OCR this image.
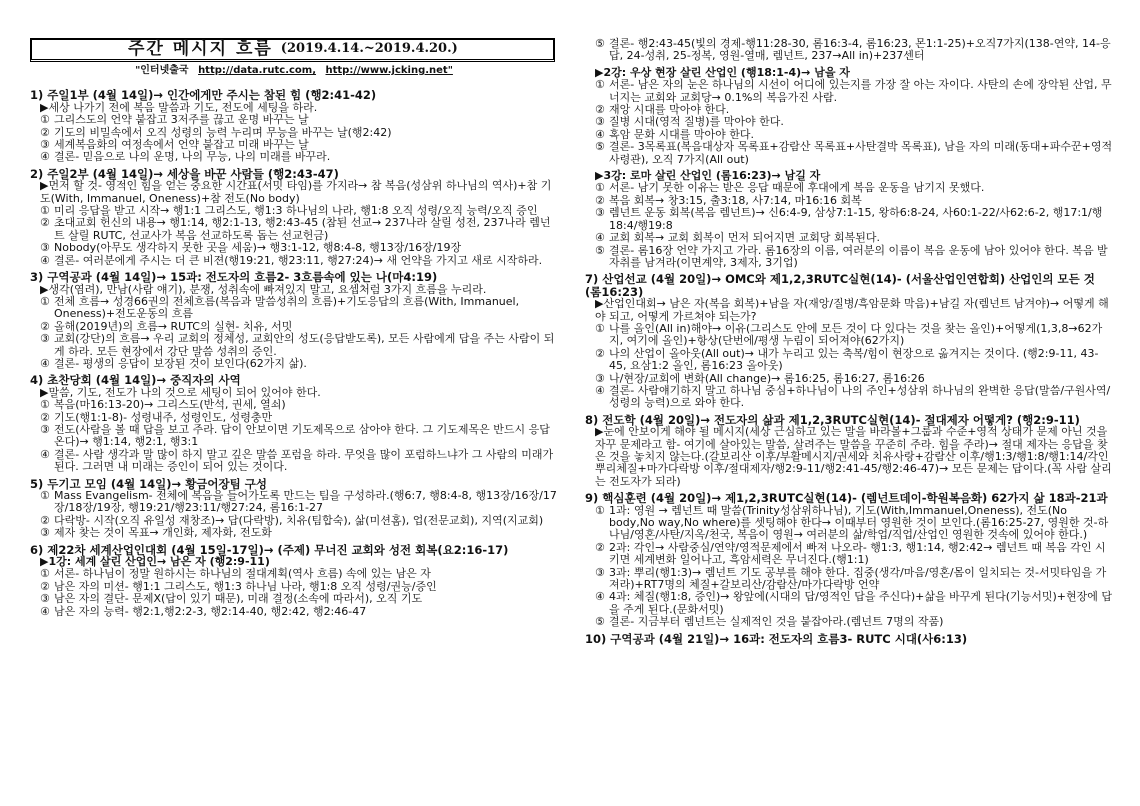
주간 메시지 흐름 (2019.4.14.~2019.4.20.)
"인터넷출국 http://data.rutc.com, http://www.jcking.net"
1) 주일1부 (4월 14일)→ 인간에게만 주시는 참된 힘 (행2:41-42)
▶세상 나가기 전에 복음 말씀과 기도, 전도에 세팅을 하라.
① 그리스도의 언약 붙잡고 3저주를 끊고 운명 바꾸는 날
② 기도의 비밀속에서 오직 성령의 능력 누리며 무능을 바꾸는 날(행2:42)
③ 세계복음화의 여정속에서 언약 붙잡고 미래 바꾸는 날
④ 결론- 믿음으로 나의 운명, 나의 무능, 나의 미래를 바꾸라.
2) 주일2부 (4월 14일)→ 세상을 바꾼 사람들 (행2:43-47)
▶먼저 할 것- 영적인 힘을 얻는 중요한 시간표(서밋 타임)를 가지라→ 참 복음(성삼위 하나님의 역사)+참 기도(With, Immanuel, Oneness)+참 전도(No body)
① 미리 응답을 받고 시작→ 행1:1 그리스도, 행1:3 하나님의 나라, 행1:8 오직 성령/오직 능력/오직 증인
② 초대교회 헌신의 내용→ 행1:14, 행2:1-13, 행2:43-45 (참된 선교→ 237나라 살릴 성전, 237나라 렘넌트 살릴 RUTC, 선교사가 복음 선교하도록 돕는 선교헌금)
③ Nobody(아무도 생각하지 못한 곳을 세움)→ 행3:1-12, 행8:4-8, 행13장/16장/19장
④ 결론- 여러분에게 주시는 더 큰 비젼(행19:21, 행23:11, 행27:24)→ 새 언약을 가지고 새로 시작하라.
3) 구역공과 (4월 14일)→ 15과: 전도자의 흐름2- 3흐름속에 있는 나(마4:19)
▶생각(염려), 만남(사람 얘기), 분쟁, 성취속에 빠져있지 말고, 요셉처럼 3가지 흐름을 누리라.
① 전체 흐름→ 성경66권의 전체흐름(복음과 말씀성취의 흐름)+기도응답의 흐름(With, Immanuel, Oneness)+전도운동의 흐름
② 올해(2019년)의 흐름→ RUTC의 실현- 치유, 서밋
③ 교회(강단)의 흐름→ 우리 교회의 정체성, 교회안의 성도(응답받도록), 모든 사람에게 답을 주는 사람이 되게 하라. 모든 현장에서 강단 말씀 성취의 증인.
④ 결론- 평생의 응답이 보장된 것이 보인다(62가지 삶).
4) 초찬당회 (4월 14일)→ 중직자의 사역
▶말씀, 기도, 전도가 나의 것으로 세팅이 되어 있어야 한다.
① 복음(마16:13-20)→ 그리스도(반석, 권세, 열쇠)
② 기도(행1:1-8)- 성령내주, 성령인도, 성령충만
③ 전도(사람을 볼 때 답을 보고 주라. 답이 안보이면 기도제목으로 삼아야 한다. 그 기도제목은 반드시 응답온다)→ 행1:14, 행2:1, 행3:1
④ 결론- 사람 생각과 말 많이 하지 말고 깊은 말씀 포럼을 하라. 무엇을 많이 포럼하느냐가 그 사람의 미래가 된다. 그러면 내 미래는 증인이 되어 있는 것이다.
5) 두기고 모임 (4월 14일)→ 황금어장팀 구성
① Mass Evangelism- 전체에 복음을 들어가도록 만드는 팀을 구성하라.(행6:7, 행8:4-8, 행13장/16장/17장/18장/19장, 행19:21/행23:11/행27:24, 롬16:1-27
② 다락방- 시작(오직 유일성 재창조)→ 답(다락방), 치유(팀합숙), 삶(미션홈), 업(전문교회), 지역(지교회)
③ 제자 찾는 것이 목표→ 개인화, 제자화, 전도화
6) 제22차 세계산업인대회 (4월 15일-17일)→ (주제) 무너진 교회와 성전 회복(요2:16-17)
▶1강: 세계 살린 산업인→ 남은 자 (행2:9-11)
① 서론- 하나님이 정말 원하시는 하나님의 절대계획(역사 흐름) 속에 있는 남은 자
② 남은 자의 미션- 행1:1 그리스도, 행1:3 하나님 나라, 행1:8 오직 성령/권능/증인
③ 남은 자의 결단- 문제X(답이 있기 때문), 미래 결정(소속에 따라서), 오직 기도
④ 남은 자의 능력- 행2:1,행2:2-3, 행2:14-40, 행2:42, 행2:46-47
⑤ 결론- 행2:43-45(빛의 경제-행11:28-30, 롬16:3-4, 롬16:23, 몬1:1-25)+오직7가지(138-연약, 14-응답, 24-성취, 25-정복, 영원-열매, 렘넌트, 237→All in)+237센터
▶2강: 우상 현장 살린 산업인 (행18:1-4)→ 남을 자
① 서론- 남은 자의 눈은 하나님의 시선이 어디에 있는지를 가장 잘 아는 자이다. 사탄의 손에 장악된 산업, 무너지는 교회와 교회당→ 0.1%의 복음가진 사람.
② 재앙 시대를 막아야 한다.
③ 질병 시대(영적 질병)를 막아야 한다.
④ 혹암 문화 시대를 막아야 한다.
⑤ 결론- 3목록표(복음대상자 목록표+감람산 목록표+사탄결박 목록표), 남을 자의 미래(동대+파수꾼+영적사령관), 오직 7가지(All out)
▶3강: 로마 살린 산업인 (롬16:23)→ 남길 자
① 서론- 남기 못한 이유는 받은 응답 때문에 후대에게 복음 운동을 남기지 못했다.
② 복음 회복→ 창3:15, 출3:18, 사7:14, 마16:16 회복
③ 렘넌트 운동 회복(복음 렘넌트)→ 신6:4-9, 삼상7:1-15, 왕하6:8-24, 사60:1-22/사62:6-2, 행17:1/행18:4/행19:8
④ 교회 회복→ 교회 회복이 먼저 되어지면 교회당 회복된다.
⑤ 결론- 롬16장 언약 가지고 가라. 롬16장의 이름, 여러분의 이름이 복음 운동에 남아 있어야 한다. 복음 발자취를 남겨라(이면계약, 3제자, 3기업)
7) 산업선교 (4월 20일)→ OMC와 제1,2,3RUTC실현(14)- (서울산업인연합회) 산업인의 모든 것 (롬16:23)
▶산업인대회→ 남은 자(복음 회복)+남을 자(재앙/질병/흑암문화 막음)+남길 자(렘넌트 남겨야)→ 어떻게 해야 되고, 어떻게 가르쳐야 되는가?
① 나를 올인(All in)해야→ 이유(그리스도 안에 모든 것이 다 있다는 것을 찾는 올인)+어떻게(1,3,8→62가지, 여기에 올인)+항상(단번에/평생 누림이 되어져야(62가지)
② 나의 산업이 올아웃(All out)→ 내가 누리고 있는 축복/힘이 현장으로 옮겨지는 것이다. (행2:9-11, 43-45, 요삼1:2 올인, 롬16:23 올아웃)
③ 나/현장/교회에 변화(All change)→ 롬16:25, 롬16:27, 롬16:26
④ 결론- 사람얘기하지 말고 하나님 중심+하나님이 나의 주인+성삼위 하나님의 완벽한 응답(말씀/구원사역/성령의 능력)으로 와야 한다.
8) 전도학 (4월 20일)→ 전도자의 삶과 제1,2,3RUTC실현(14)- 절대제자 어떻게? (행2:9-11)
▶눈에 안보이게 해야 될 메시지(세상 근심하고 있는 말을 바라볼+그룹과 수준+영적 상태가 문제 아닌 것을 자꾸 문제라고 함- 여기에 살아있는 말씀, 살려주는 말씀을 꾸준히 주라. 힘을 주라)→ 절대 제자는 응답을 찾은 것을 놓치지 않는다.(갈보리산 이후/부활메시지/권세와 치유사랑+감람산 이후/행1:3/행1:8/행1:14/각인뿌리체질+마가다락방 이후/절대제자/행2:9-11/행2:41-45/행2:46-47)→ 모든 문제는 답이다.(꼭 사람 살리는 전도자가 되라)
9) 핵심훈련 (4월 20일)→ 제1,2,3RUTC실현(14)- (렘넌트데이-학원복음화) 62가지 삶 18과-21과
① 1과: 영원 → 렘넌트 때 말씀(Trinity성삼위하나님), 기도(With,Immanuel,Oneness), 전도(No body,No way,No where)를 셋팅해야 한다→ 이때부터 영원한 것이 보인다.(롬16:25-27, 영원한 것-하나님/영혼/사탄/지옥/천국, 복음이 영원→ 여러분의 삶/학업/직업/산업인 영원한 것속에 있어야 한다.)
② 2과: 각인→ 사람중심/연약/영적문제에서 빠져 나오라- 행1:3, 행1:14, 행2:42→ 렘넌트 때 복음 각인 시키면 세계변화 일어나고, 흑암세력은 무너진다.(행1:1)
③ 3과: 뿌리(행1:3)→ 렘넌트 기도 공부를 해야 한다. 집중(생각/마음/영혼/몸이 일치되는 것-서밋타임을 가져라)+RT7명의 체질+갈보리산/감람산/마가다락방 언약
④ 4과: 체질(행1:8, 증인)→ 왕앞에(시대의 답/영적인 답을 주신다)+삶을 바꾸게 된다(기능서밋)+현장에 답을 주게 된다.(문화서밋)
⑤ 결론- 지금부터 렘넌트는 실제적인 것을 붙잡아라.(렘넌트 7명의 작품)
10) 구역공과 (4월 21일)→ 16과: 전도자의 흐름3- RUTC 시대(사6:13)
